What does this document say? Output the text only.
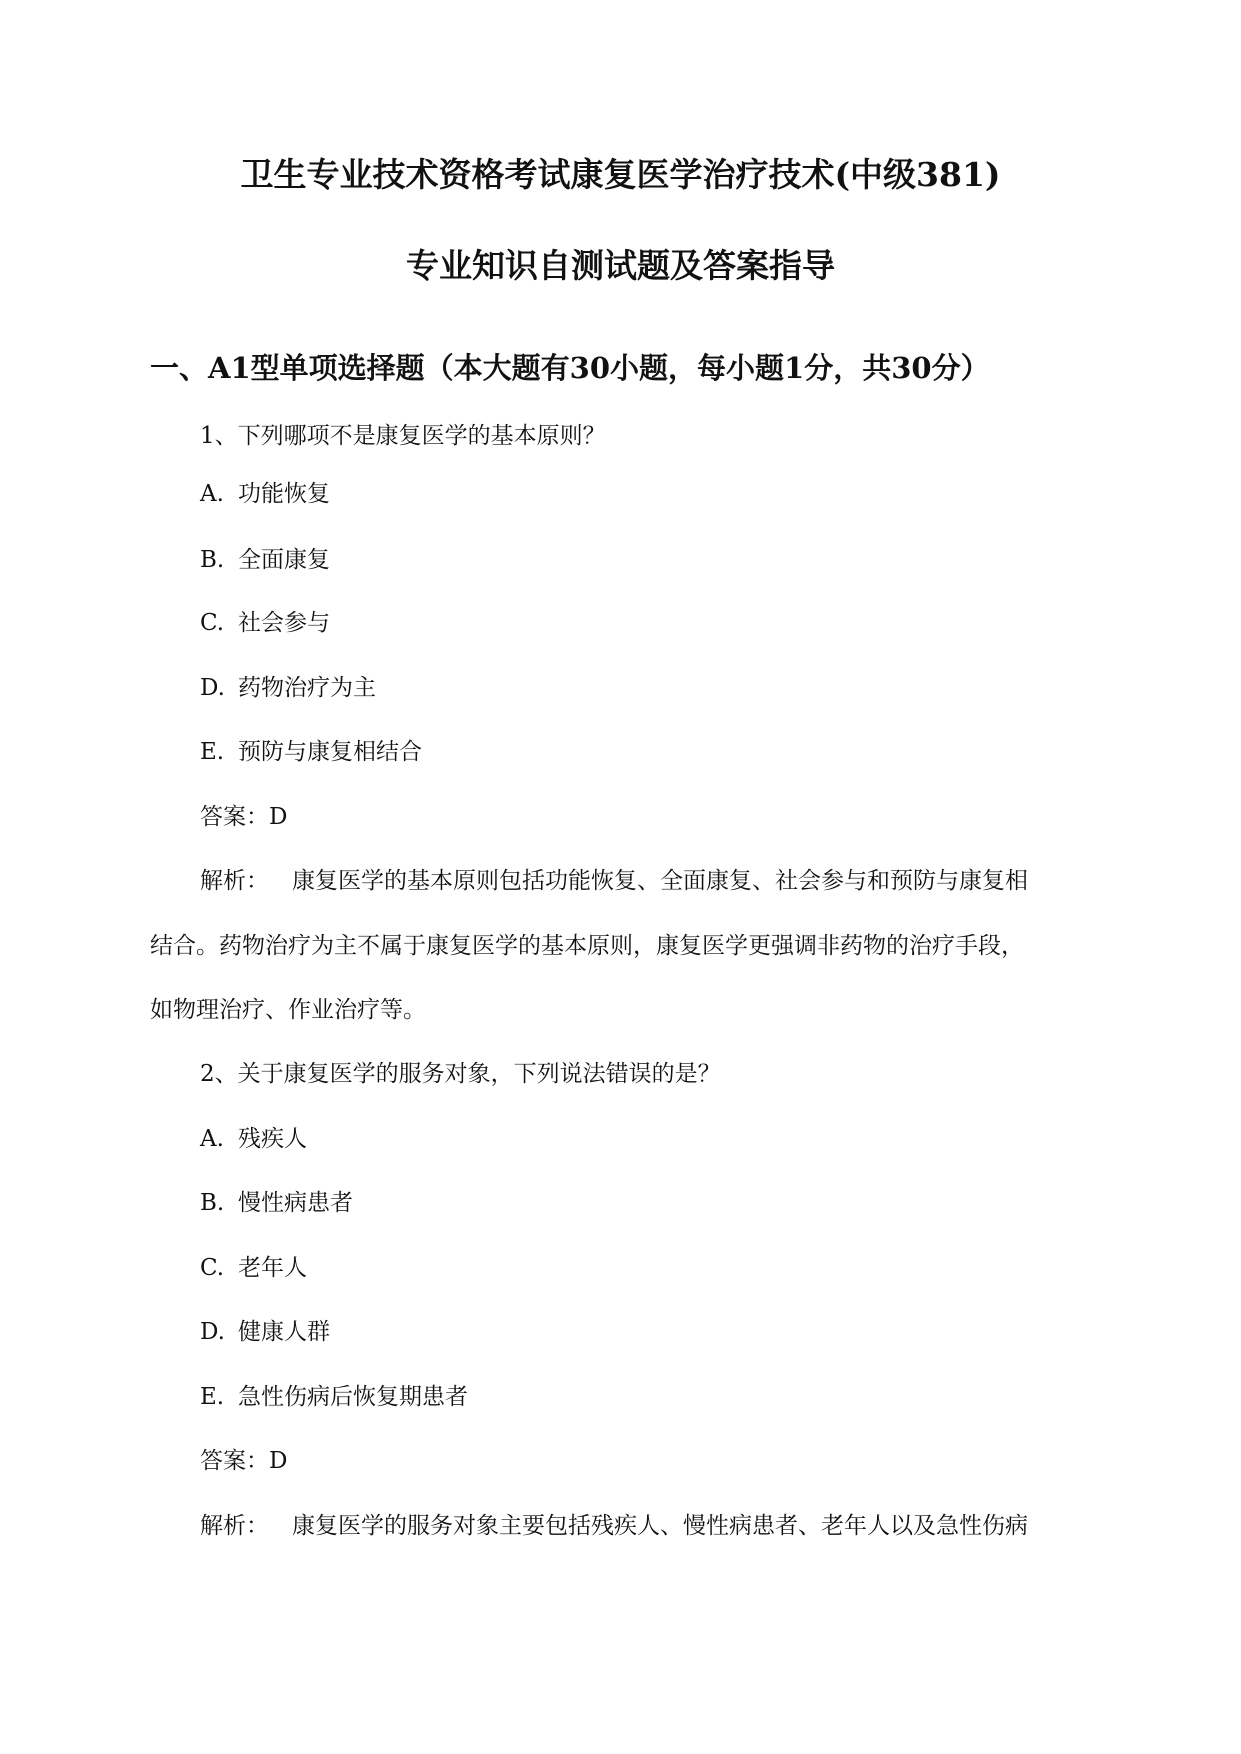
卫生专业技术资格考试康复医学治疗技术(中级381)
专业知识自测试题及答案指导
一、A1型单项选择题（本大题有30小题，每小题1分，共30分）
1、下列哪项不是康复医学的基本原则？
A. 功能恢复
B. 全面康复
C. 社会参与
D. 药物治疗为主
E. 预防与康复相结合
答案：D
解析： 康复医学的基本原则包括功能恢复、全面康复、社会参与和预防与康复相
结合。药物治疗为主不属于康复医学的基本原则，康复医学更强调非药物的治疗手段，
如物理治疗、作业治疗等。
2、关于康复医学的服务对象，下列说法错误的是？
A. 残疾人
B. 慢性病患者
C. 老年人
D. 健康人群
E. 急性伤病后恢复期患者
答案：D
解析： 康复医学的服务对象主要包括残疾人、慢性病患者、老年人以及急性伤病
